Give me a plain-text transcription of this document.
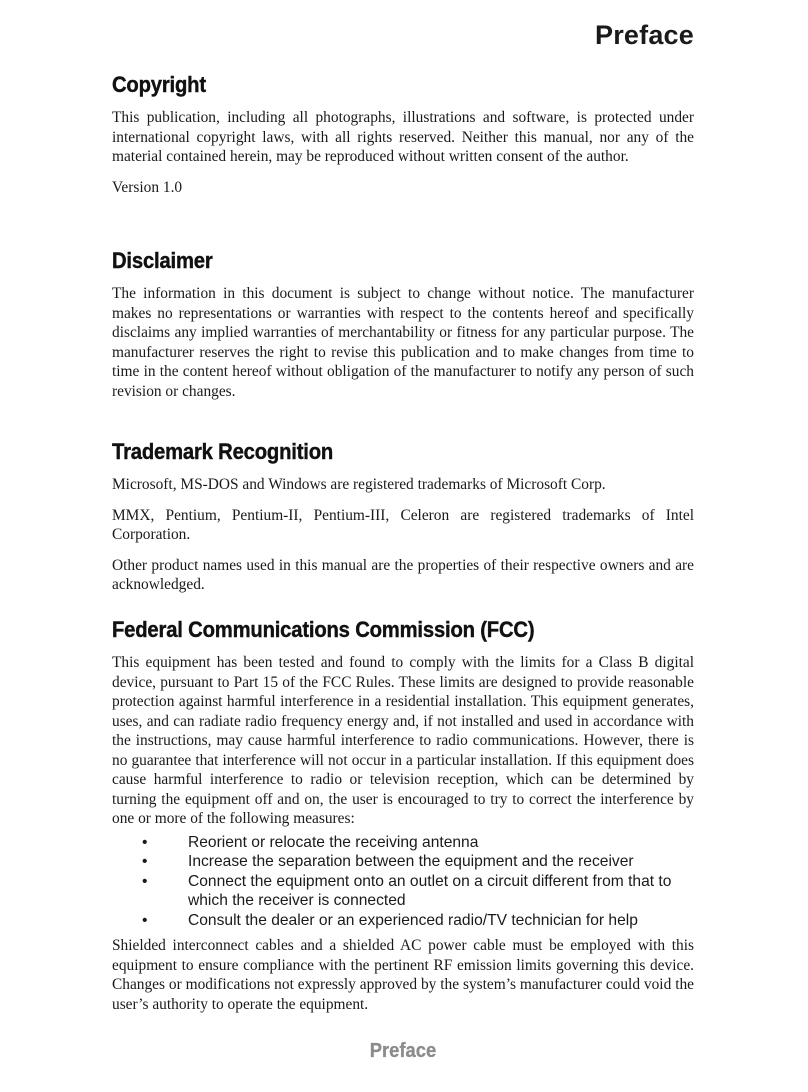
Preface
Copyright

This publication, including all photographs, illustrations and software, is protected under international copyright laws, with all rights reserved. Neither this manual, nor any of the material contained herein, may be reproduced without written consent of the author.

Version 1.0

Disclaimer

The information in this document is subject to change without notice. The manufacturer makes no representations or warranties with respect to the contents hereof and specifically disclaims any implied warranties of merchantability or fitness for any particular purpose. The manufacturer reserves the right to revise this publication and to make changes from time to time in the content hereof without obligation of the manufacturer to notify any person of such revision or changes.

Trademark Recognition

Microsoft, MS-DOS and Windows are registered trademarks of Microsoft Corp.

MMX, Pentium, Pentium-II, Pentium-III, Celeron are registered trademarks of Intel Corporation.

Other product names used in this manual are the properties of their respective owners and are acknowledged.

Federal Communications Commission (FCC)

This equipment has been tested and found to comply with the limits for a Class B digital device, pursuant to Part 15 of the FCC Rules. These limits are designed to provide reasonable protection against harmful interference in a residential installation. This equipment generates, uses, and can radiate radio frequency energy and, if not installed and used in accordance with the instructions, may cause harmful interference to radio communications. However, there is no guarantee that interference will not occur in a particular installation. If this equipment does cause harmful interference to radio or television reception, which can be determined by turning the equipment off and on, the user is encouraged to try to correct the interference by one or more of the following measures:

•	Reorient or relocate the receiving antenna
•	Increase the separation between the equipment and the receiver
•	Connect the equipment onto an outlet on a circuit different from that to which the receiver is connected
•	Consult the dealer or an experienced radio/TV technician for help

Shielded interconnect cables and a shielded AC power cable must be employed with this equipment to ensure compliance with the pertinent RF emission limits governing this device. Changes or modifications not expressly approved by the system’s manufacturer could void the user’s authority to operate the equipment.

Preface
